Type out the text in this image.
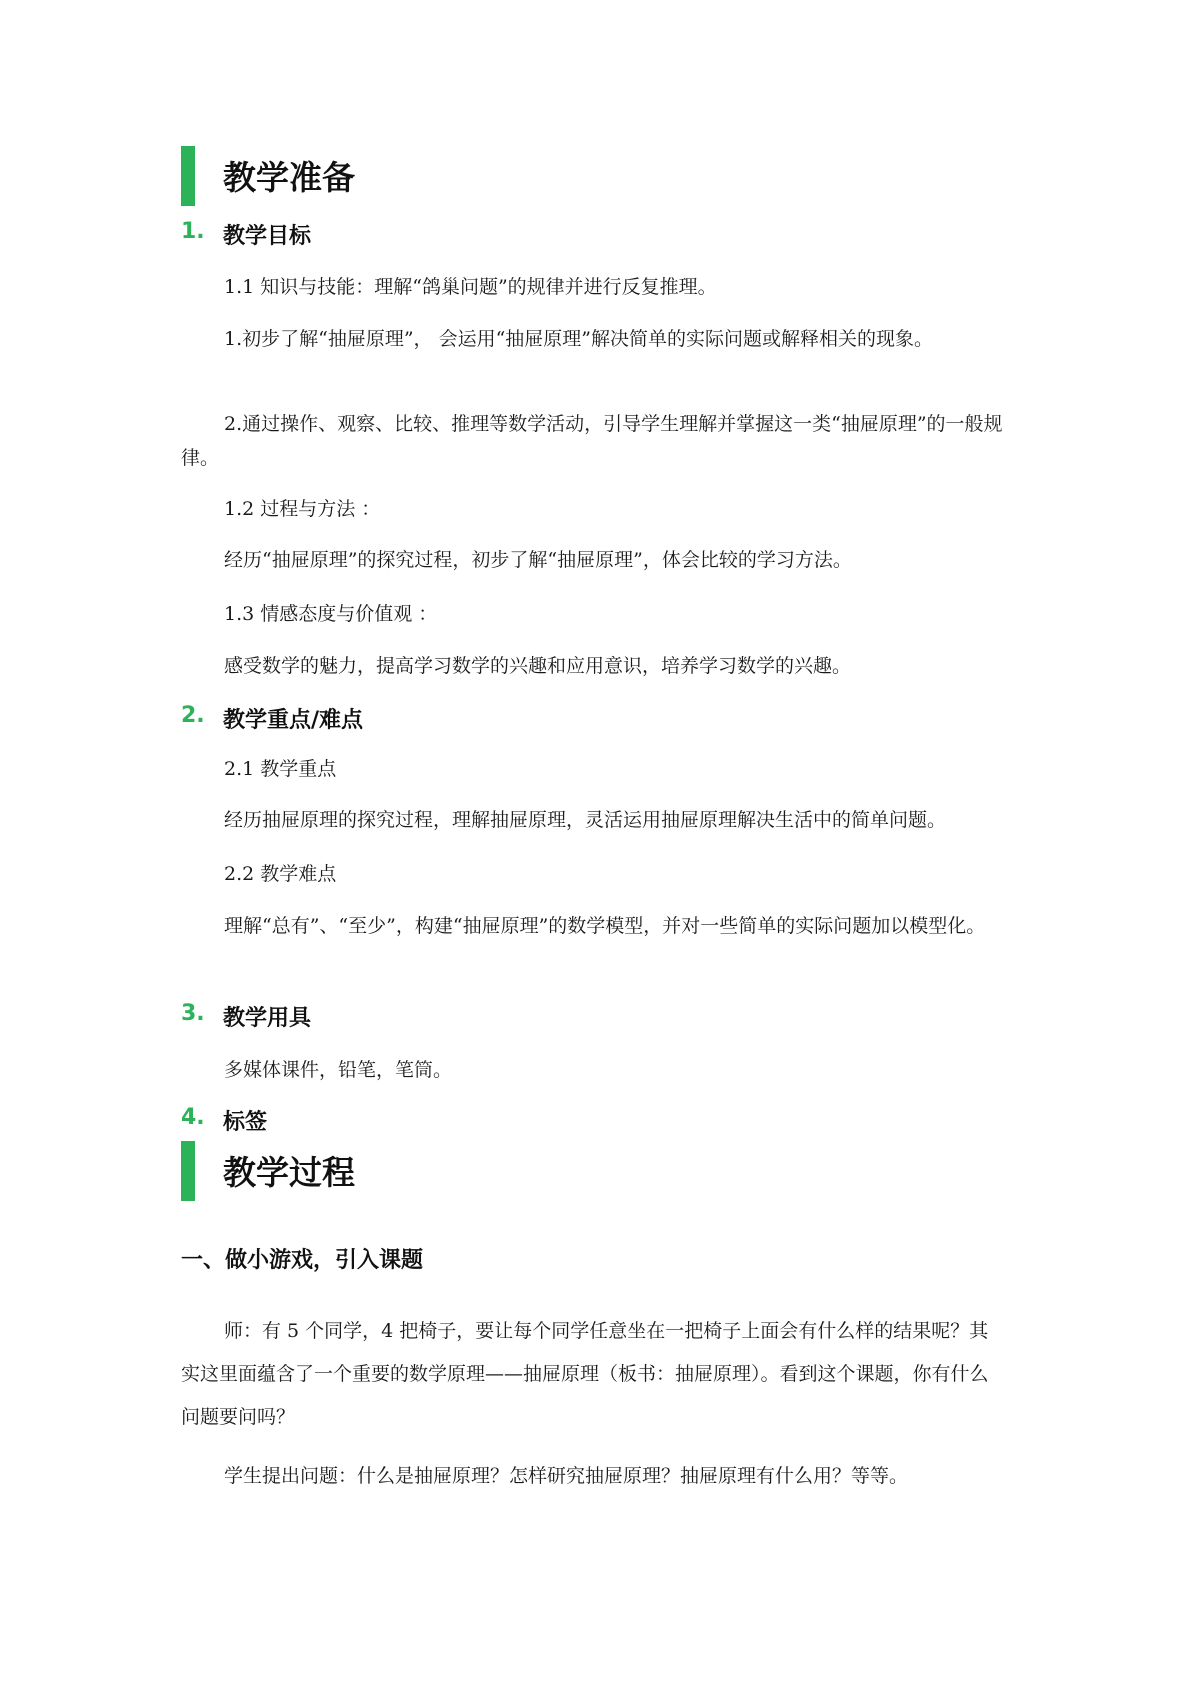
教学准备
1. 教学目标

1.1 知识与技能：理解“鸽巢问题”的规律并进行反复推理。

1.初步了解“抽屉原理”， 会运用“抽屉原理”解决简单的实际问题或解释相关的现象。

2.通过操作、观察、比较、推理等数学活动，引导学生理解并掌握这一类“抽屉原理”的一般规律。

1.2 过程与方法 ：

经历“抽屉原理”的探究过程，初步了解“抽屉原理”，体会比较的学习方法。

1.3 情感态度与价值观 ：

感受数学的魅力，提高学习数学的兴趣和应用意识，培养学习数学的兴趣。

2. 教学重点/难点

2.1 教学重点

经历抽屉原理的探究过程，理解抽屉原理，灵活运用抽屉原理解决生活中的简单问题。

2.2 教学难点

理解“总有”、“至少”，构建“抽屉原理”的数学模型，并对一些简单的实际问题加以模型化。

3. 教学用具

多媒体课件，铅笔，笔筒。

4. 标签
教学过程
一、做小游戏，引入课题

师：有 5 个同学，4 把椅子，要让每个同学任意坐在一把椅子上面会有什么样的结果呢？其实这里面蕴含了一个重要的数学原理——抽屉原理（板书：抽屉原理）。看到这个课题，你有什么问题要问吗？

学生提出问题：什么是抽屉原理？怎样研究抽屉原理？抽屉原理有什么用？等等。
